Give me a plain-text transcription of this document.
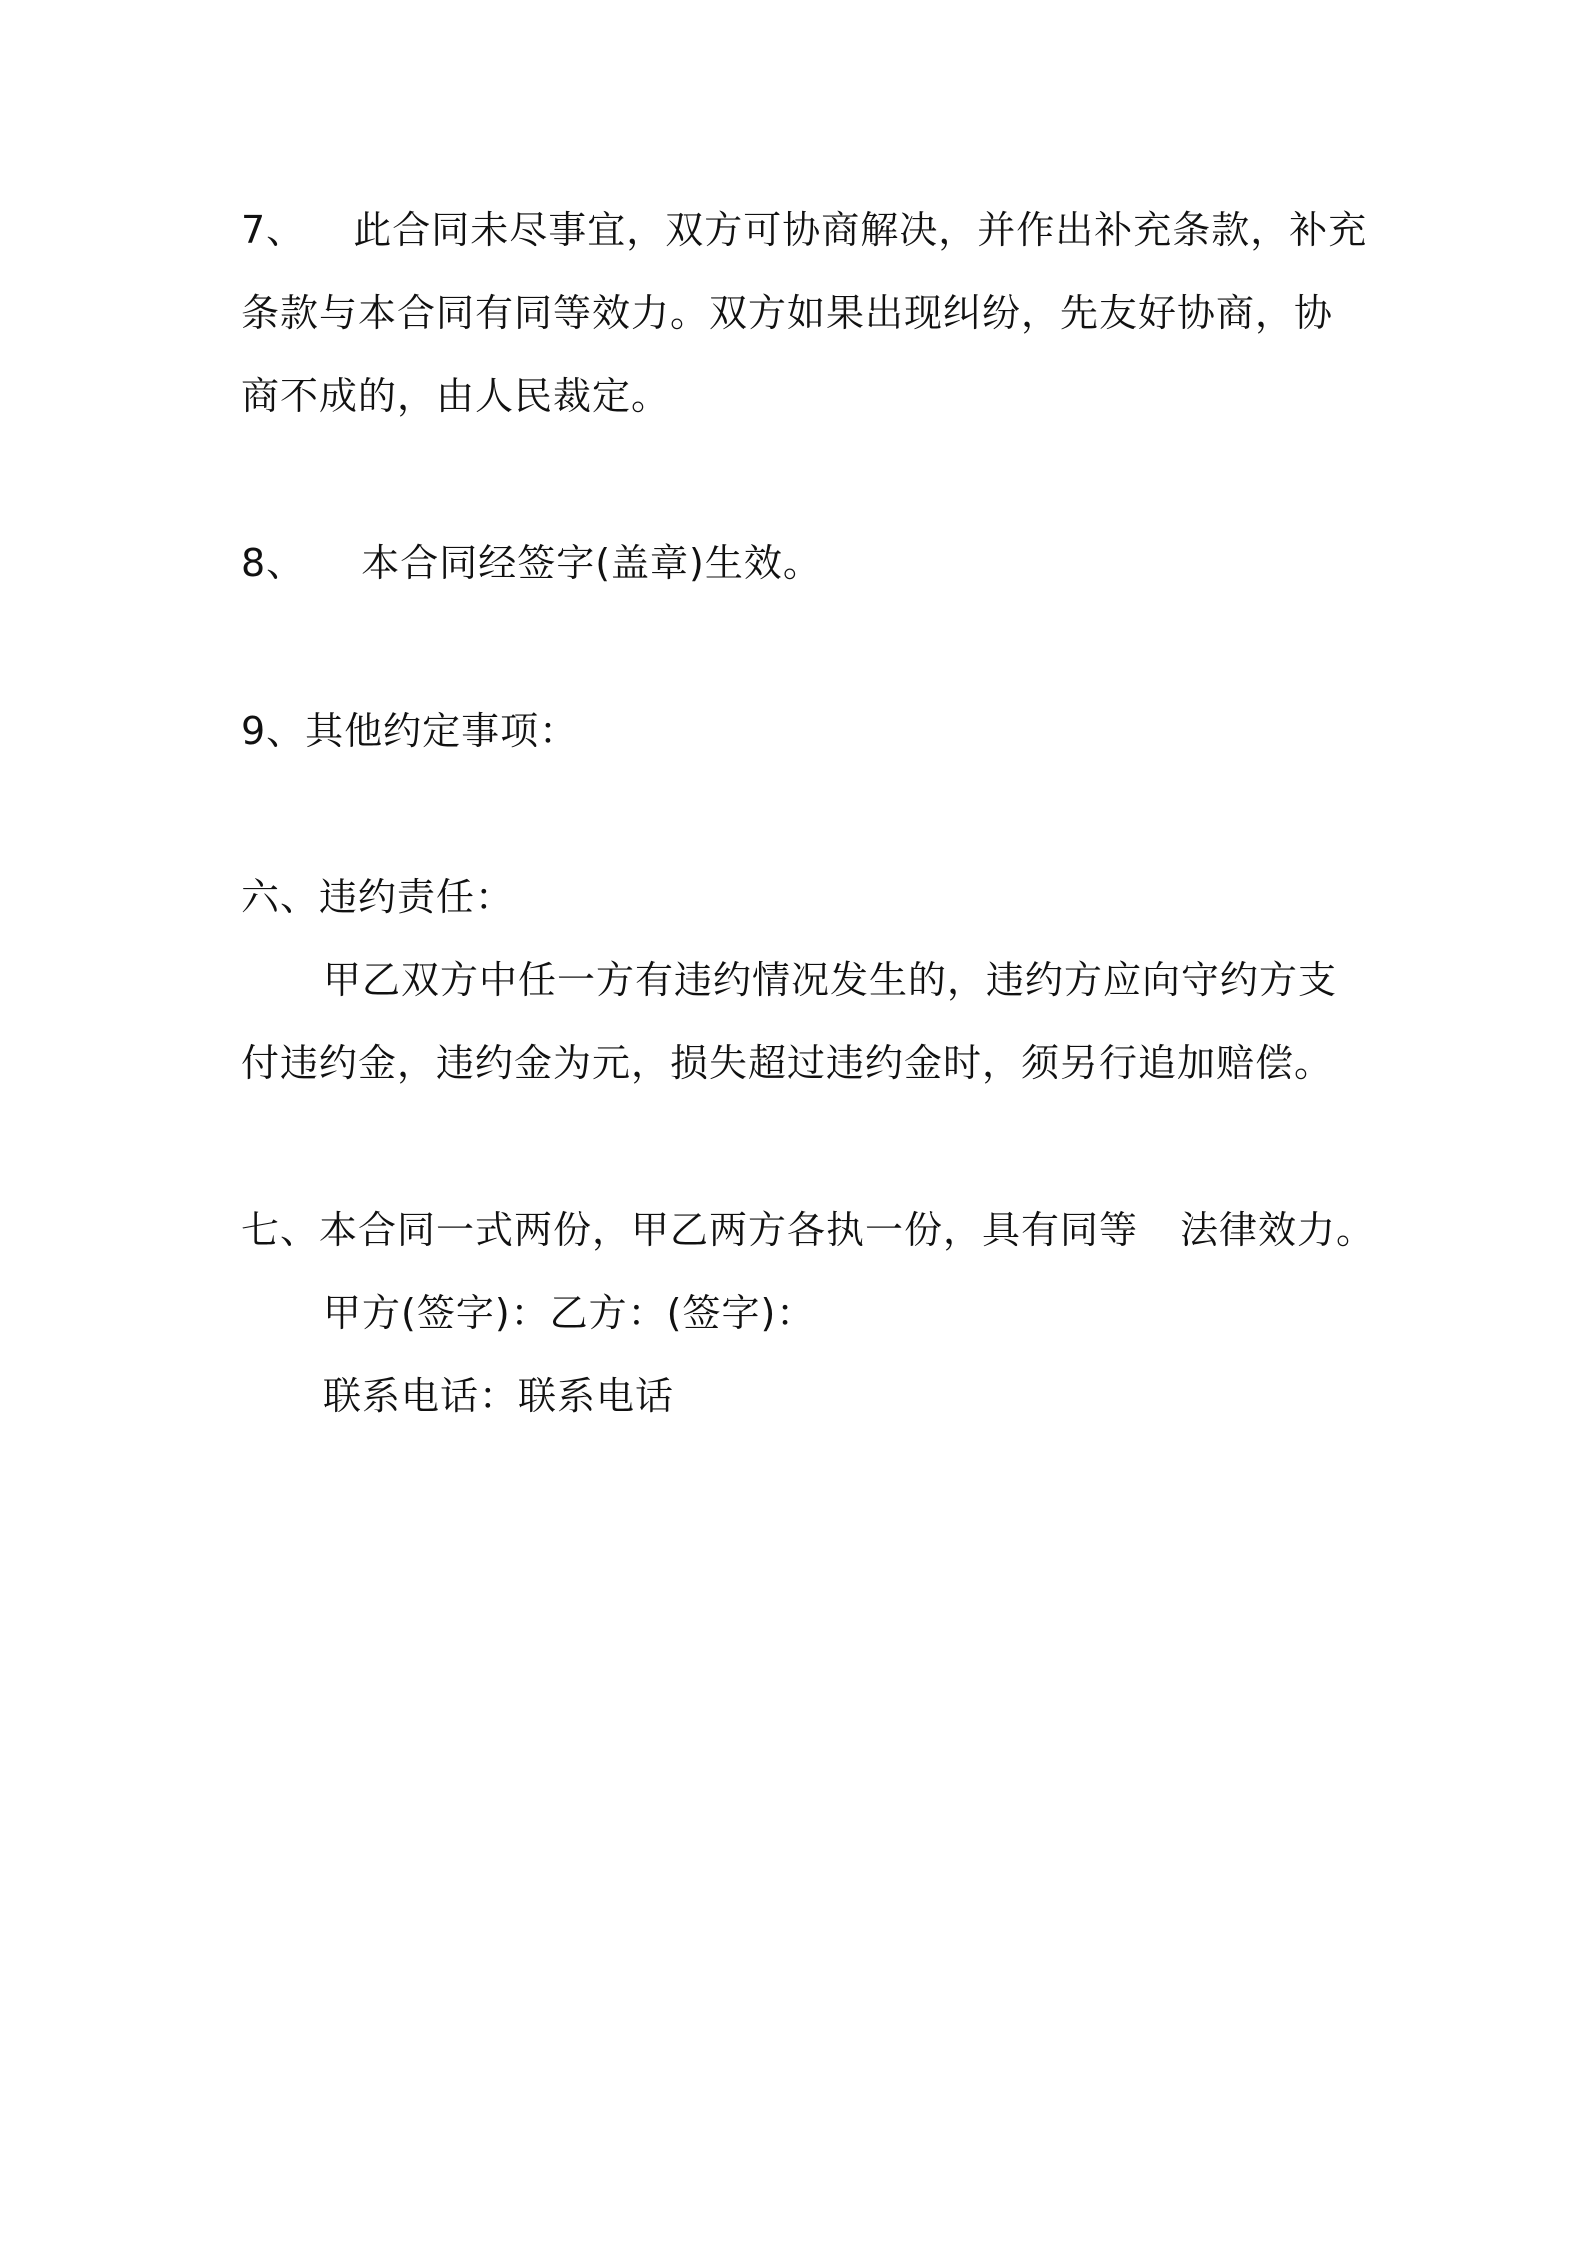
7、 此合同未尽事宜，双方可协商解决，并作出补充条款，补充
条款与本合同有同等效力。双方如果出现纠纷，先友好协商，协
商不成的，由人民裁定。
8、 本合同经签字(盖章)生效。
9、其他约定事项：
六、违约责任：
甲乙双方中任一方有违约情况发生的，违约方应向守约方支
付违约金，违约金为元，损失超过违约金时，须另行追加赔偿。
七、本合同一式两份，甲乙两方各执一份，具有同等 法律效力。
甲方(签字)：乙方：(签字)：
联系电话：联系电话
